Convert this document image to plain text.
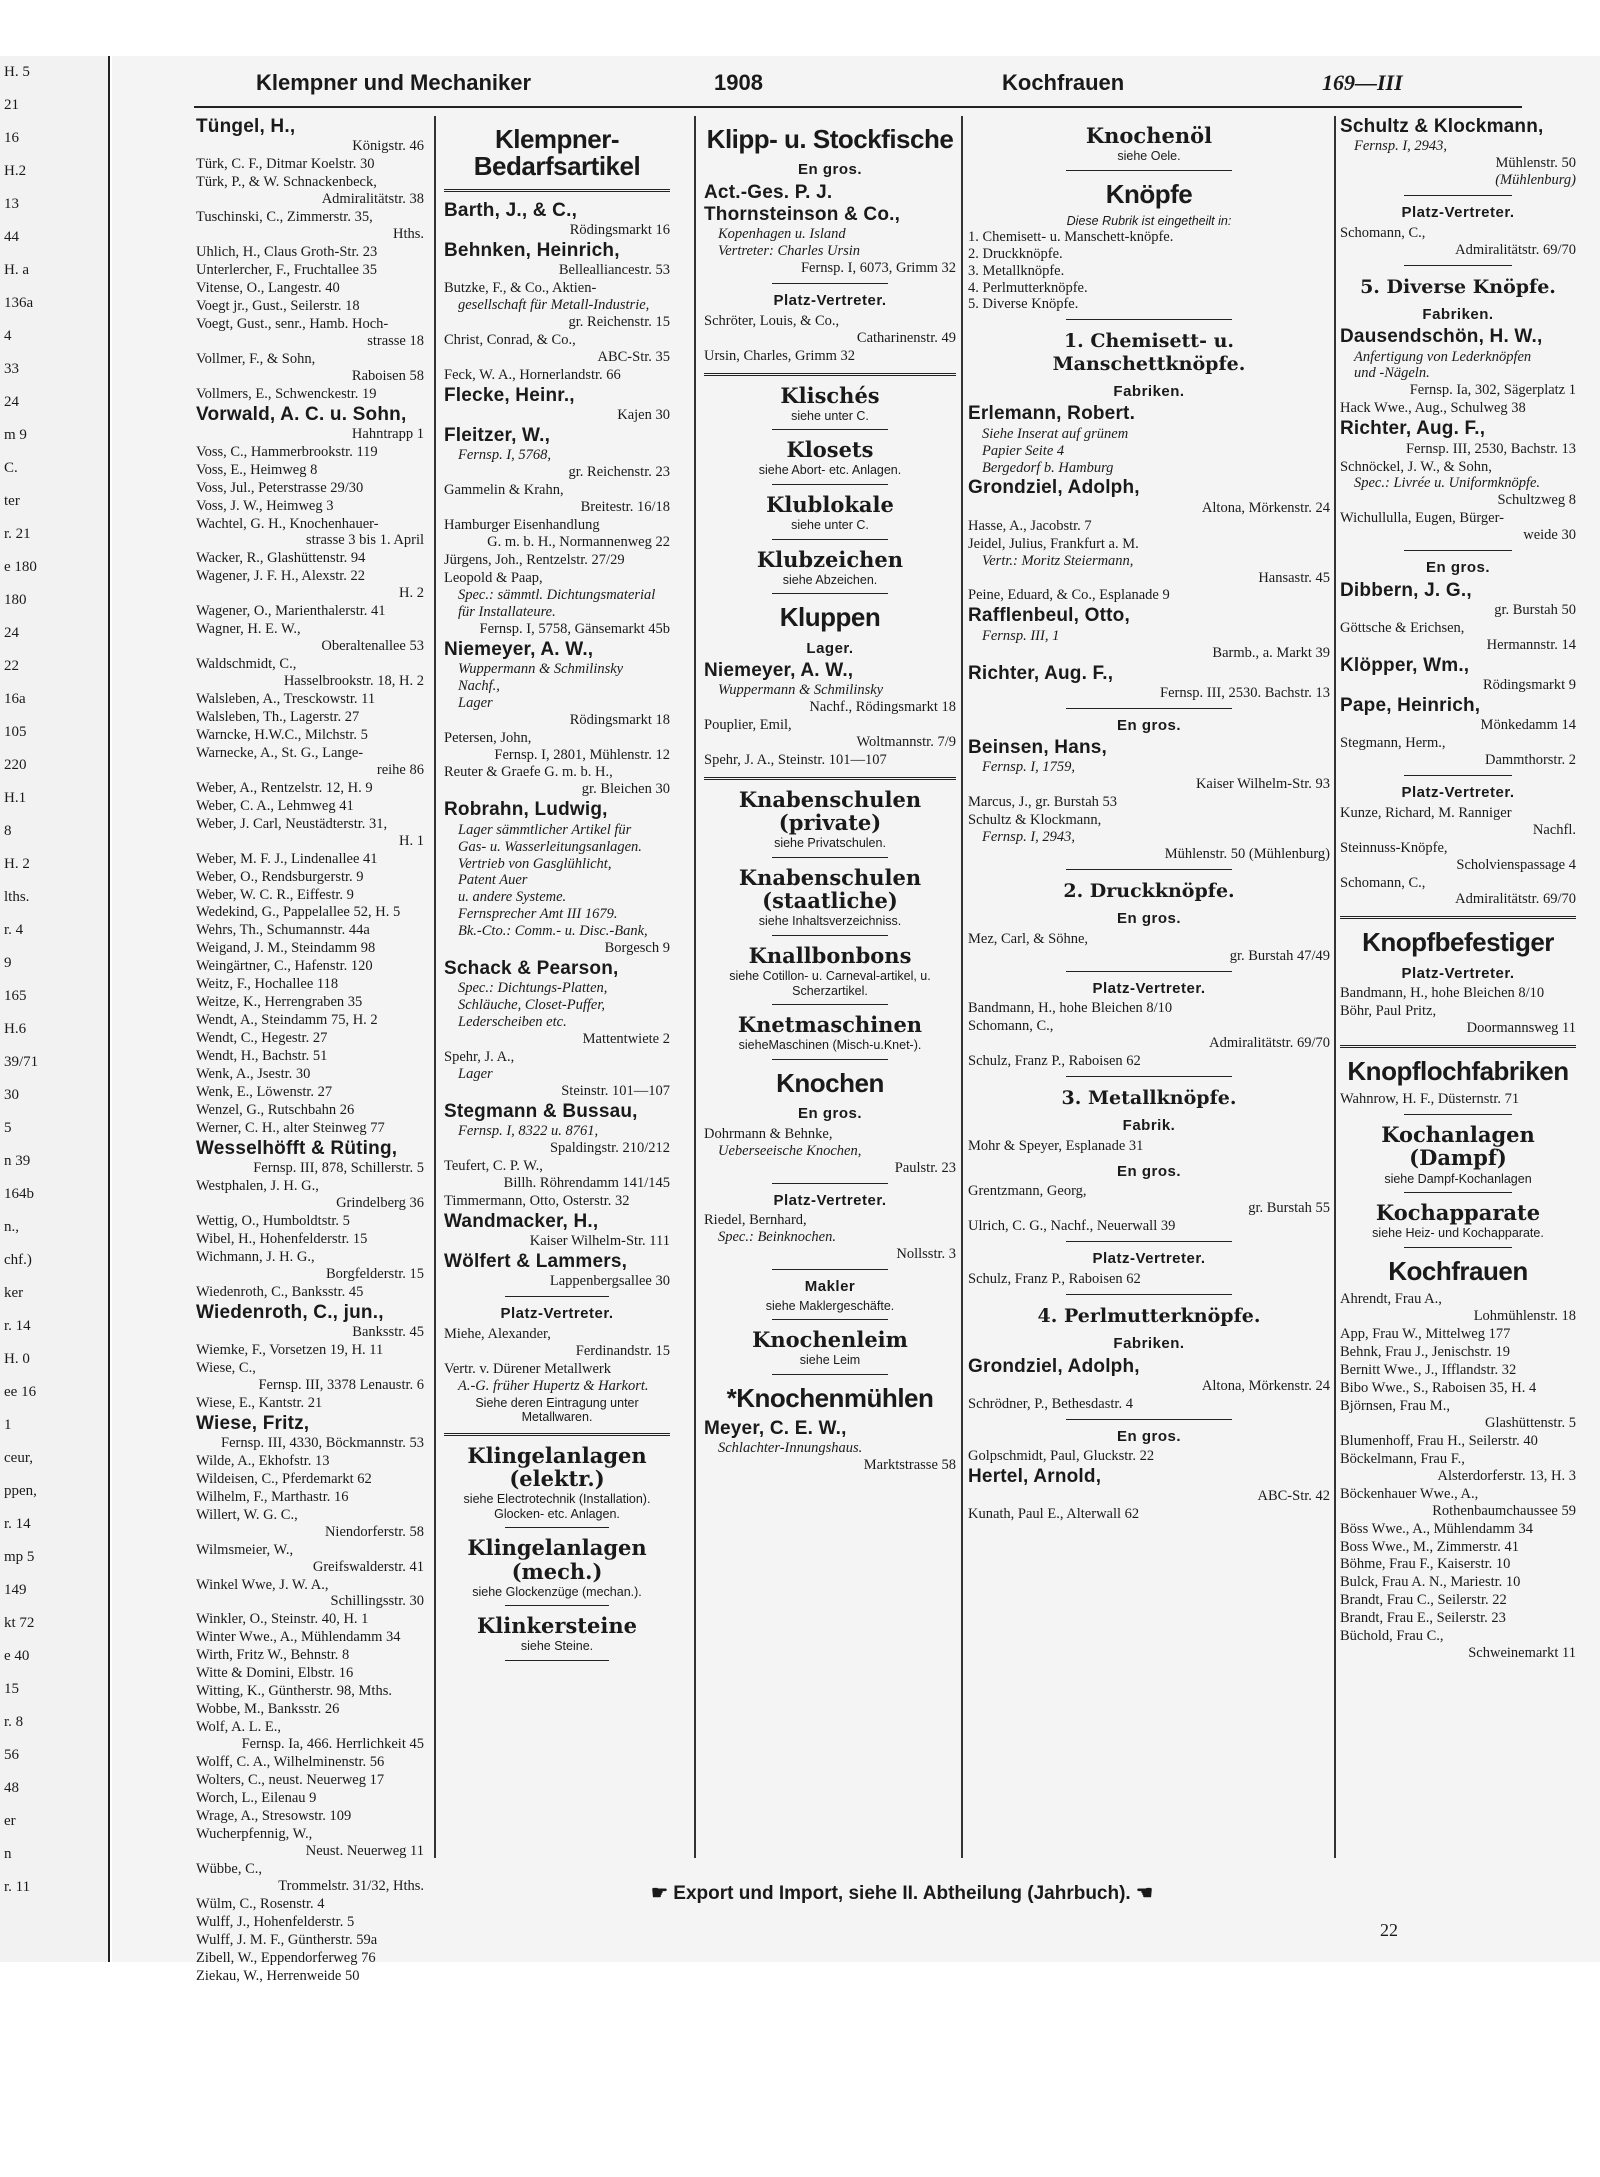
H. 5
21
16
H.2
13
44
H. a
136a
4
33
24
m 9
C.
ter
r. 21
e 180
180
24
22
16a
105
220
H.1
8
H. 2
lths.
r. 4
9
165
H.6
39/71
30
5
n 39
164b
n.,
chf.)
ker
r. 14
H. 0
ee 16
1
ceur,
ppen,
r. 14
mp 5
149
kt 72
e 40
15
r. 8
56
48
er
n
r. 11
Klempner und Mechaniker	1908	Kochfrauen	169—III
Tüngel, H.,
Königstr. 46
Türk, C. F., Ditmar Koelstr. 30
Türk, P., & W. Schnackenbeck,
Admiralitätstr. 38
Tuschinski, C., Zimmerstr. 35,
Hths.
Uhlich, H., Claus Groth-Str. 23
Unterlercher, F., Fruchtallee 35
Vitense, O., Langestr. 40
Voegt jr., Gust., Seilerstr. 18
Voegt, Gust., senr., Hamb. Hoch-
strasse 18
Vollmer, F., & Sohn,
Raboisen 58
Vollmers, E., Schwenckestr. 19
Vorwald, A. C. u. Sohn,
Hahntrapp 1
Voss, C., Hammerbrookstr. 119
Voss, E., Heimweg 8
Voss, Jul., Peterstrasse 29/30
Voss, J. W., Heimweg 3
Wachtel, G. H., Knochenhauer-
strasse 3 bis 1. April
Wacker, R., Glashüttenstr. 94
Wagener, J. F. H., Alexstr. 22
H. 2
Wagener, O., Marienthalerstr. 41
Wagner, H. E. W.,
Oberaltenallee 53
Waldschmidt, C.,
Hasselbrookstr. 18, H. 2
Walsleben, A., Tresckowstr. 11
Walsleben, Th., Lagerstr. 27
Warncke, H.W.C., Milchstr. 5
Warnecke, A., St. G., Lange-
reihe 86
Weber, A., Rentzelstr. 12, H. 9
Weber, C. A., Lehmweg 41
Weber, J. Carl, Neustädterstr. 31,
H. 1
Weber, M. F. J., Lindenallee 41
Weber, O., Rendsburgerstr. 9
Weber, W. C. R., Eiffestr. 9
Wedekind, G., Pappelallee 52, H. 5
Wehrs, Th., Schumannstr. 44a
Weigand, J. M., Steindamm 98
Weingärtner, C., Hafenstr. 120
Weitz, F., Hochallee 118
Weitze, K., Herrengraben 35
Wendt, A., Steindamm 75, H. 2
Wendt, C., Hegestr. 27
Wendt, H., Bachstr. 51
Wenk, A., Jsestr. 30
Wenk, E., Löwenstr. 27
Wenzel, G., Rutschbahn 26
Werner, C. H., alter Steinweg 77
Wesselhöfft & Rüting,
Fernsp. III, 878, Schillerstr. 5
Westphalen, J. H. G.,
Grindelberg 36
Wettig, O., Humboldtstr. 5
Wibel, H., Hohenfelderstr. 15
Wichmann, J. H. G.,
Borgfelderstr. 15
Wiedenroth, C., Banksstr. 45
Wiedenroth, C., jun.,
Banksstr. 45
Wiemke, F., Vorsetzen 19, H. 11
Wiese, C.,
Fernsp. III, 3378 Lenaustr. 6
Wiese, E., Kantstr. 21
Wiese, Fritz,
Fernsp. III, 4330, Böckmannstr. 53
Wilde, A., Ekhofstr. 13
Wildeisen, C., Pferdemarkt 62
Wilhelm, F., Marthastr. 16
Willert, W. G. C.,
Niendorferstr. 58
Wilmsmeier, W.,
Greifswalderstr. 41
Winkel Wwe, J. W. A.,
Schillingsstr. 30
Winkler, O., Steinstr. 40, H. 1
Winter Wwe., A., Mühlendamm 34
Wirth, Fritz W., Behnstr. 8
Witte & Domini, Elbstr. 16
Witting, K., Güntherstr. 98, Mths.
Wobbe, M., Banksstr. 26
Wolf, A. L. E.,
Fernsp. Ia, 466. Herrlichkeit 45
Wolff, C. A., Wilhelminenstr. 56
Wolters, C., neust. Neuerweg 17
Worch, L., Eilenau 9
Wrage, A., Stresowstr. 109
Wucherpfennig, W.,
Neust. Neuerweg 11
Wübbe, C.,
Trommelstr. 31/32, Hths.
Wülm, C., Rosenstr. 4
Wulff, J., Hohenfelderstr. 5
Wulff, J. M. F., Güntherstr. 59a
Zibell, W., Eppendorferweg 76
Ziekau, W., Herrenweide 50
Klempner-Bedarfsartikel
Barth, J., & C.,
Rödingsmarkt 16
Behnken, Heinrich,
Bellealliancestr. 53
Butzke, F., & Co., Aktien-
gesellschaft für Metall-Industrie,
gr. Reichenstr. 15
Christ, Conrad, & Co.,
ABC-Str. 35
Feck, W. A., Hornerlandstr. 66
Flecke, Heinr.,
Kajen 30
Fleitzer, W.,
Fernsp. I, 5768,
gr. Reichenstr. 23
Gammelin & Krahn,
Breitestr. 16/18
Hamburger Eisenhandlung
G. m. b. H., Normannenweg 22
Jürgens, Joh., Rentzelstr. 27/29
Leopold & Paap,
Spec.: sämmtl. Dichtungsmaterial
für Installateure.
Fernsp. I, 5758, Gänsemarkt 45b
Niemeyer, A. W.,
Wuppermann & Schmilinsky
Nachf.,
Lager
Rödingsmarkt 18
Petersen, John,
Fernsp. I, 2801, Mühlenstr. 12
Reuter & Graefe G. m. b. H.,
gr. Bleichen 30
Robrahn, Ludwig,
Lager sämmtlicher Artikel für
Gas- u. Wasserleitungsanlagen.
Vertrieb von Gasglühlicht,
Patent Auer
u. andere Systeme.
Fernsprecher Amt III 1679.
Bk.-Cto.: Comm.- u. Disc.-Bank,
Borgesch 9
Schack & Pearson,
Spec.: Dichtungs-Platten,
Schläuche, Closet-Puffer,
Lederscheiben etc.
Mattentwiete 2
Spehr, J. A.,
Lager
Steinstr. 101—107
Stegmann & Bussau,
Fernsp. I, 8322 u. 8761,
Spaldingstr. 210/212
Teufert, C. P. W.,
Billh. Röhrendamm 141/145
Timmermann, Otto, Osterstr. 32
Wandmacker, H.,
Kaiser Wilhelm-Str. 111
Wölfert & Lammers,
Lappenbergsallee 30
Platz-Vertreter.
Miehe, Alexander,
Ferdinandstr. 15
Vertr. v. Dürener Metallwerk
A.-G. früher Hupertz & Harkort.
Siehe deren Eintragung unter Metallwaren.
Klingelanlagen (elektr.)
siehe Electrotechnik (Installation). Glocken- etc. Anlagen.
Klingelanlagen (mech.)
siehe Glockenzüge (mechan.).
Klinkersteine
siehe Steine.
Klipp- u. Stockfische
En gros.
Act.-Ges. P. J. Thornsteinson & Co.,
Kopenhagen u. Island
Vertreter: Charles Ursin
Fernsp. I, 6073, Grimm 32
Platz-Vertreter.
Schröter, Louis, & Co.,
Catharinenstr. 49
Ursin, Charles, Grimm 32
Klischés
siehe unter C.
Klosets
siehe Abort- etc. Anlagen.
Klublokale
siehe unter C.
Klubzeichen
siehe Abzeichen.
Kluppen
Lager.
Niemeyer, A. W.,
Wuppermann & Schmilinsky
Nachf., Rödingsmarkt 18
Pouplier, Emil,
Woltmannstr. 7/9
Spehr, J. A., Steinstr. 101—107
Knabenschulen (private)
siehe Privatschulen.
Knabenschulen (staatliche)
siehe Inhaltsverzeichniss.
Knallbonbons
siehe Cotillon- u. Carneval-artikel, u. Scherzartikel.
Knetmaschinen
sieheMaschinen (Misch-u.Knet-).
Knochen
En gros.
Dohrmann & Behnke,
Ueberseeische Knochen,
Paulstr. 23
Platz-Vertreter.
Riedel, Bernhard,
Spec.: Beinknochen.
Nollsstr. 3
Makler
siehe Maklergeschäfte.
Knochenleim
siehe Leim
*Knochenmühlen
Meyer, C. E. W.,
Schlachter-Innungshaus.
Marktstrasse 58
Knochenöl
siehe Oele.
Knöpfe
Diese Rubrik ist eingetheilt in:
1. Chemisett- u. Manschett-knöpfe.
2. Druckknöpfe.
3. Metallknöpfe.
4. Perlmutterknöpfe.
5. Diverse Knöpfe.
1. Chemisett- u. Manschettknöpfe.
Fabriken.
Erlemann, Robert.
Siehe Inserat auf grünem
Papier Seite 4
Bergedorf b. Hamburg
Grondziel, Adolph,
Altona, Mörkenstr. 24
Hasse, A., Jacobstr. 7
Jeidel, Julius, Frankfurt a. M.
Vertr.: Moritz Steiermann,
Hansastr. 45
Peine, Eduard, & Co., Esplanade 9
Rafflenbeul, Otto,
Fernsp. III, 1
Barmb., a. Markt 39
Richter, Aug. F.,
Fernsp. III, 2530. Bachstr. 13
En gros.
Beinsen, Hans,
Fernsp. I, 1759,
Kaiser Wilhelm-Str. 93
Marcus, J., gr. Burstah 53
Schultz & Klockmann,
Fernsp. I, 2943,
Mühlenstr. 50 (Mühlenburg)
2. Druckknöpfe.
En gros.
Mez, Carl, & Söhne,
gr. Burstah 47/49
Platz-Vertreter.
Bandmann, H., hohe Bleichen 8/10
Schomann, C.,
Admiralitätstr. 69/70
Schulz, Franz P., Raboisen 62
3. Metallknöpfe.
Fabrik.
Mohr & Speyer, Esplanade 31
En gros.
Grentzmann, Georg,
gr. Burstah 55
Ulrich, C. G., Nachf., Neuerwall 39
Platz-Vertreter.
Schulz, Franz P., Raboisen 62
4. Perlmutterknöpfe.
Fabriken.
Grondziel, Adolph,
Altona, Mörkenstr. 24
Schrödner, P., Bethesdastr. 4
En gros.
Golpschmidt, Paul, Gluckstr. 22
Hertel, Arnold,
ABC-Str. 42
Kunath, Paul E., Alterwall 62
Schultz & Klockmann,
Fernsp. I, 2943,
Mühlenstr. 50
(Mühlenburg)
Platz-Vertreter.
Schomann, C.,
Admiralitätstr. 69/70
5. Diverse Knöpfe.
Fabriken.
Dausendschön, H. W.,
Anfertigung von Lederknöpfen
und -Nägeln.
Fernsp. Ia, 302, Sägerplatz 1
Hack Wwe., Aug., Schulweg 38
Richter, Aug. F.,
Fernsp. III, 2530, Bachstr. 13
Schnöckel, J. W., & Sohn,
Spec.: Livrée u. Uniformknöpfe.
Schultzweg 8
Wichullulla, Eugen, Bürger-
weide 30
En gros.
Dibbern, J. G.,
gr. Burstah 50
Göttsche & Erichsen,
Hermannstr. 14
Klöpper, Wm.,
Rödingsmarkt 9
Pape, Heinrich,
Mönkedamm 14
Stegmann, Herm.,
Dammthorstr. 2
Platz-Vertreter.
Kunze, Richard, M. Ranniger
Nachfl.
Steinnuss-Knöpfe,
Scholvienspassage 4
Schomann, C.,
Admiralitätstr. 69/70
Knopfbefestiger
Platz-Vertreter.
Bandmann, H., hohe Bleichen 8/10
Böhr, Paul Pritz,
Doormannsweg 11
Knopflochfabriken
Wahnrow, H. F., Düsternstr. 71
Kochanlagen (Dampf)
siehe Dampf-Kochanlagen
Kochapparate
siehe Heiz- und Kochapparate.
Kochfrauen
Ahrendt, Frau A.,
Lohmühlenstr. 18
App, Frau W., Mittelweg 177
Behnk, Frau J., Jenischstr. 19
Bernitt Wwe., J., Ifflandstr. 32
Bibo Wwe., S., Raboisen 35, H. 4
Björnsen, Frau M.,
Glashüttenstr. 5
Blumenhoff, Frau H., Seilerstr. 40
Böckelmann, Frau F.,
Alsterdorferstr. 13, H. 3
Böckenhauer Wwe., A.,
Rothenbaumchaussee 59
Böss Wwe., A., Mühlendamm 34
Boss Wwe., M., Zimmerstr. 41
Böhme, Frau F., Kaiserstr. 10
Bulck, Frau A. N., Mariestr. 10
Brandt, Frau C., Seilerstr. 22
Brandt, Frau E., Seilerstr. 23
Büchold, Frau C.,
Schweinemarkt 11
☛ Export und Import, siehe II. Abtheilung (Jahrbuch). ☚
22
